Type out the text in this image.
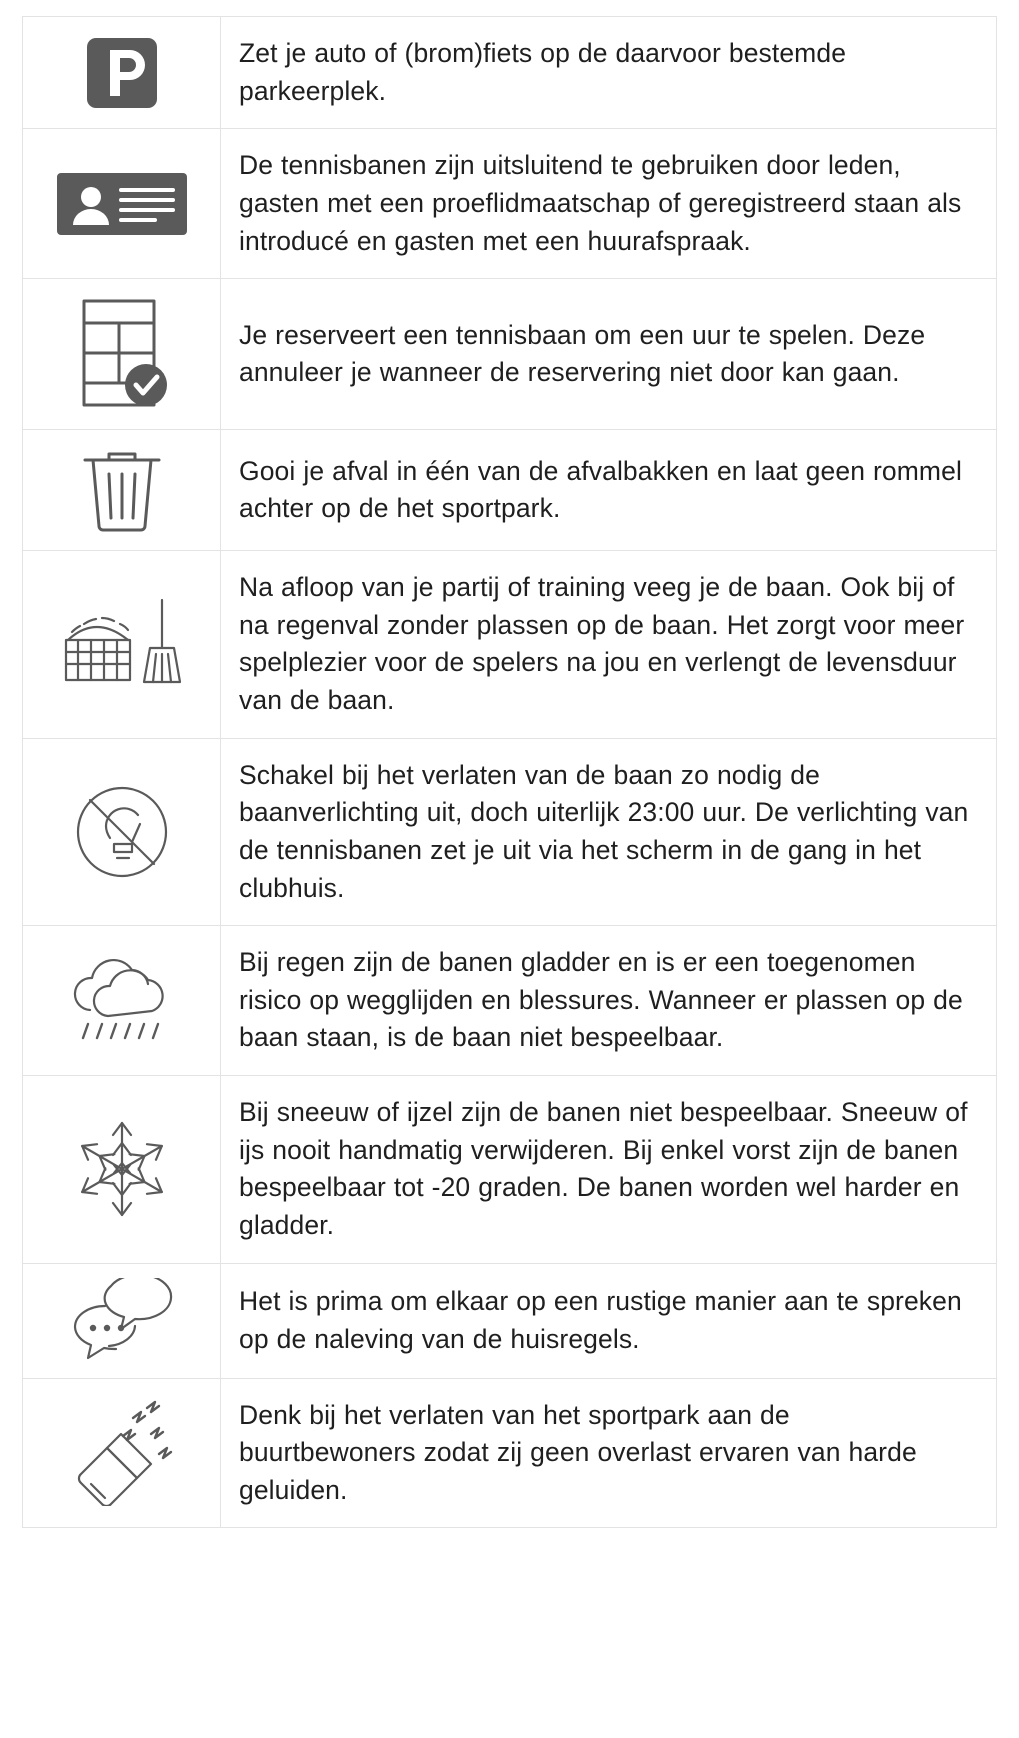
Zet je auto of (brom)fiets op de daarvoor bestemde parkeerplek.
De tennisbanen zijn uitsluitend te gebruiken door leden, gasten met een proeflidmaatschap of geregistreerd staan als introducé en gasten met een huurafspraak.
Je reserveert een tennisbaan om een uur te spelen. Deze annuleer je wanneer de reservering niet door kan gaan.
Gooi je afval in één van de afvalbakken en laat geen rommel achter op de het sportpark.
Na afloop van je partij of training veeg je de baan. Ook bij of na regenval zonder plassen op de baan. Het zorgt voor meer spelplezier voor de spelers na jou en verlengt de levensduur van de baan.
Schakel bij het verlaten van de baan zo nodig de baanverlichting uit, doch uiterlijk 23:00 uur. De verlichting van de tennisbanen zet je uit via het scherm in de gang in het clubhuis.
Bij regen zijn de banen gladder en is er een toegenomen risico op wegglijden en blessures. Wanneer er plassen op de baan staan, is de baan niet bespeelbaar.
Bij sneeuw of ijzel zijn de banen niet bespeelbaar. Sneeuw of ijs nooit handmatig verwijderen. Bij enkel vorst zijn de banen bespeelbaar tot -20 graden. De banen worden wel harder en gladder.
Het is prima om elkaar op een rustige manier aan te spreken op de naleving van de huisregels.
Denk bij het verlaten van het sportpark aan de buurtbewoners zodat zij geen overlast ervaren van harde geluiden.
